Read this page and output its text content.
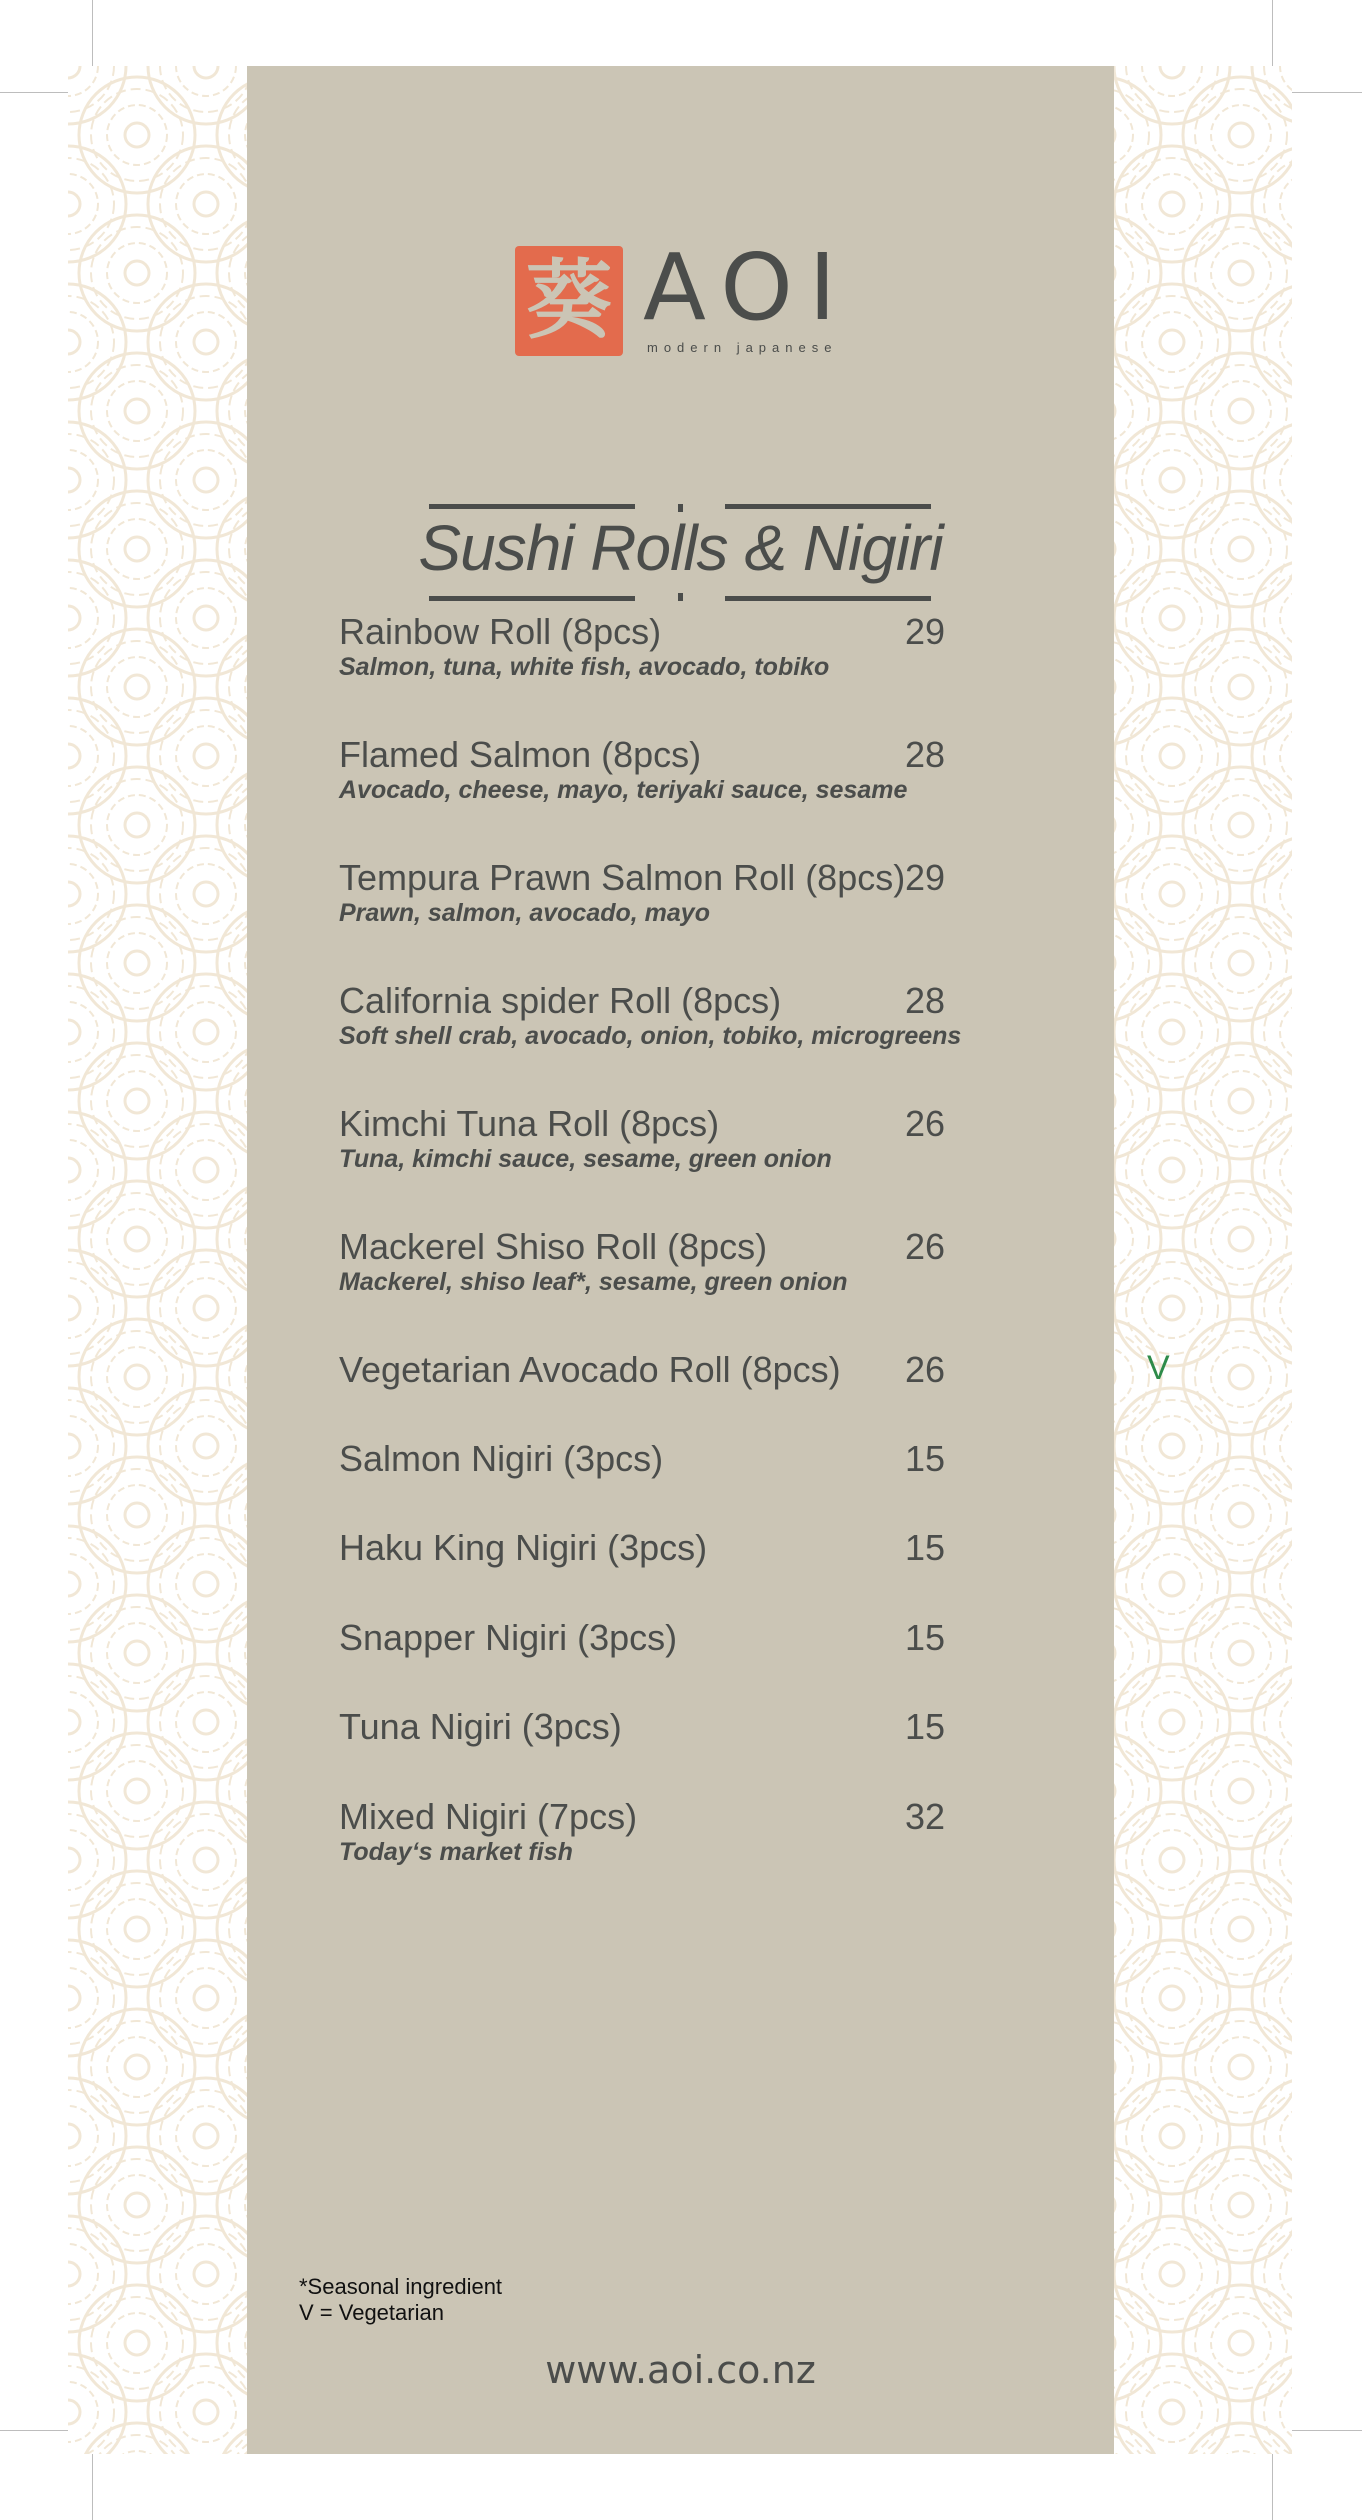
葵 AOI
modern japanese
Sushi Rolls & Nigiri
Rainbow Roll (8pcs)	29
Salmon, tuna, white fish, avocado, tobiko
Flamed Salmon (8pcs)	28
Avocado, cheese, mayo, teriyaki sauce, sesame
Tempura Prawn Salmon Roll (8pcs) 29
Prawn, salmon, avocado, mayo
California spider Roll (8pcs)	28
Soft shell crab, avocado, onion, tobiko, microgreens
Kimchi Tuna Roll (8pcs)	26
Tuna, kimchi sauce, sesame, green onion
Mackerel Shiso Roll (8pcs)	26
Mackerel, shiso leaf*, sesame, green onion
Vegetarian Avocado Roll (8pcs) 26	V
Salmon Nigiri (3pcs)	15
Haku King Nigiri (3pcs)	15
Snapper Nigiri (3pcs)	15
Tuna Nigiri (3pcs)	15
Mixed Nigiri (7pcs)	32
Today‘s market fish
*Seasonal ingredient
V = Vegetarian
www.aoi.co.nz
